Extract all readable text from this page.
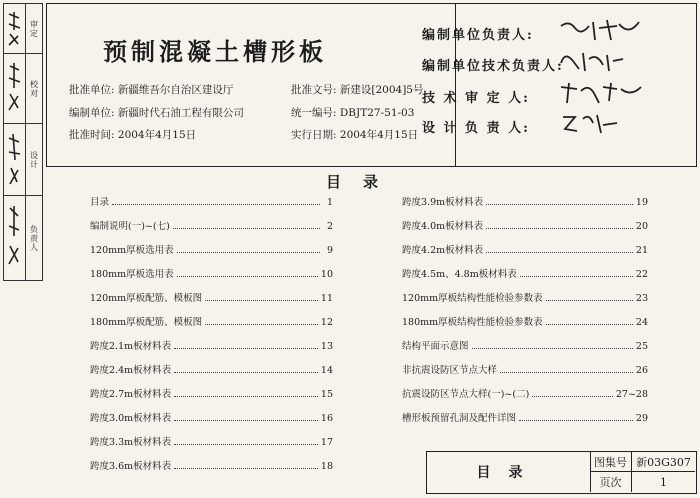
审定
校对
设计
负责人
预制混凝土槽形板
批准单位: 新疆维吾尔自治区建设厅
编制单位: 新疆时代石油工程有限公司
批准时间: 2004年4月15日
批准文号: 新建设[2004]5号
统一编号: DBJT27-51-03
实行日期: 2004年4月15日
编制单位负责人:
编制单位技术负责人:
技 术 审 定 人:
设 计 负 责 人:
目录
目录	1
编制说明(一)~(七)	2
120mm厚板选用表	9
180mm厚板选用表	10
120mm厚板配筋、模板图	11
180mm厚板配筋、模板图	12
跨度2.1m板材料表	13
跨度2.4m板材料表	14
跨度2.7m板材料表	15
跨度3.0m板材料表	16
跨度3.3m板材料表	17
跨度3.6m板材料表	18
跨度3.9m板材料表	19
跨度4.0m板材料表	20
跨度4.2m板材料表	21
跨度4.5m、4.8m板材料表	22
120mm厚板结构性能检验参数表	23
180mm厚板结构性能检验参数表	24
结构平面示意图	25
非抗震设防区节点大样	26
抗震设防区节点大样(一)~(二)	27~28
槽形板预留孔洞及配件详图	29
目录
图集号 新03G307
页次	1
